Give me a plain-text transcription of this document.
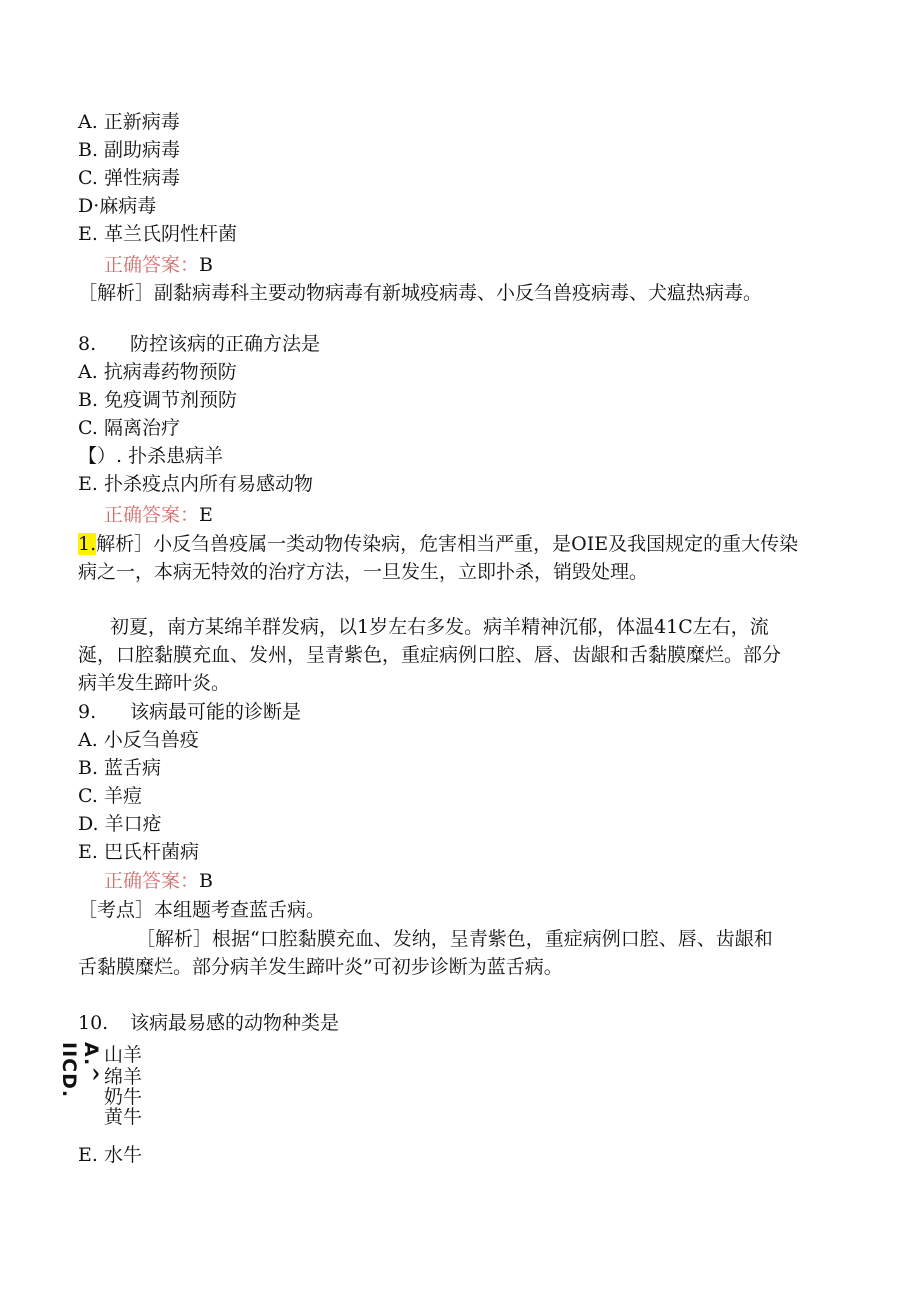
A. 正新病毒
B. 副助病毒
C. 弹性病毒
D·麻病毒
E. 革兰氏阴性杆菌
正确答案：B
［解析］副黏病毒科主要动物病毒有新城疫病毒、小反刍兽疫病毒、犬瘟热病毒。
8. 防控该病的正确方法是
A. 抗病毒药物预防
B. 免疫调节剂预防
C. 隔离治疗
【）. 扑杀患病羊
E. 扑杀疫点内所有易感动物
正确答案：E
1.解析］小反刍兽疫属一类动物传染病，危害相当严重，是OIE及我国规定的重大传染
病之一，本病无特效的治疗方法，一旦发生，立即扑杀，销毁处理。
初夏，南方某绵羊群发病，以1岁左右多发。病羊精神沉郁，体温41C左右，流
涎，口腔黏膜充血、发州，呈青紫色，重症病例口腔、唇、齿龈和舌黏膜糜烂。部分
病羊发生蹄叶炎。
9. 该病最可能的诊断是
A. 小反刍兽疫
B. 蓝舌病
C. 羊痘
D. 羊口疮
E. 巴氏杆菌病
正确答案：B
［考点］本组题考查蓝舌病。
［解析］根据“口腔黏膜充血、发纳，呈青紫色，重症病例口腔、唇、齿龈和
舌黏膜糜烂。部分病羊发生蹄叶炎”可初步诊断为蓝舌病。
10. 该病最易感的动物种类是
A.^ IICD.	山羊
绵羊
奶牛
黄牛
E. 水牛
